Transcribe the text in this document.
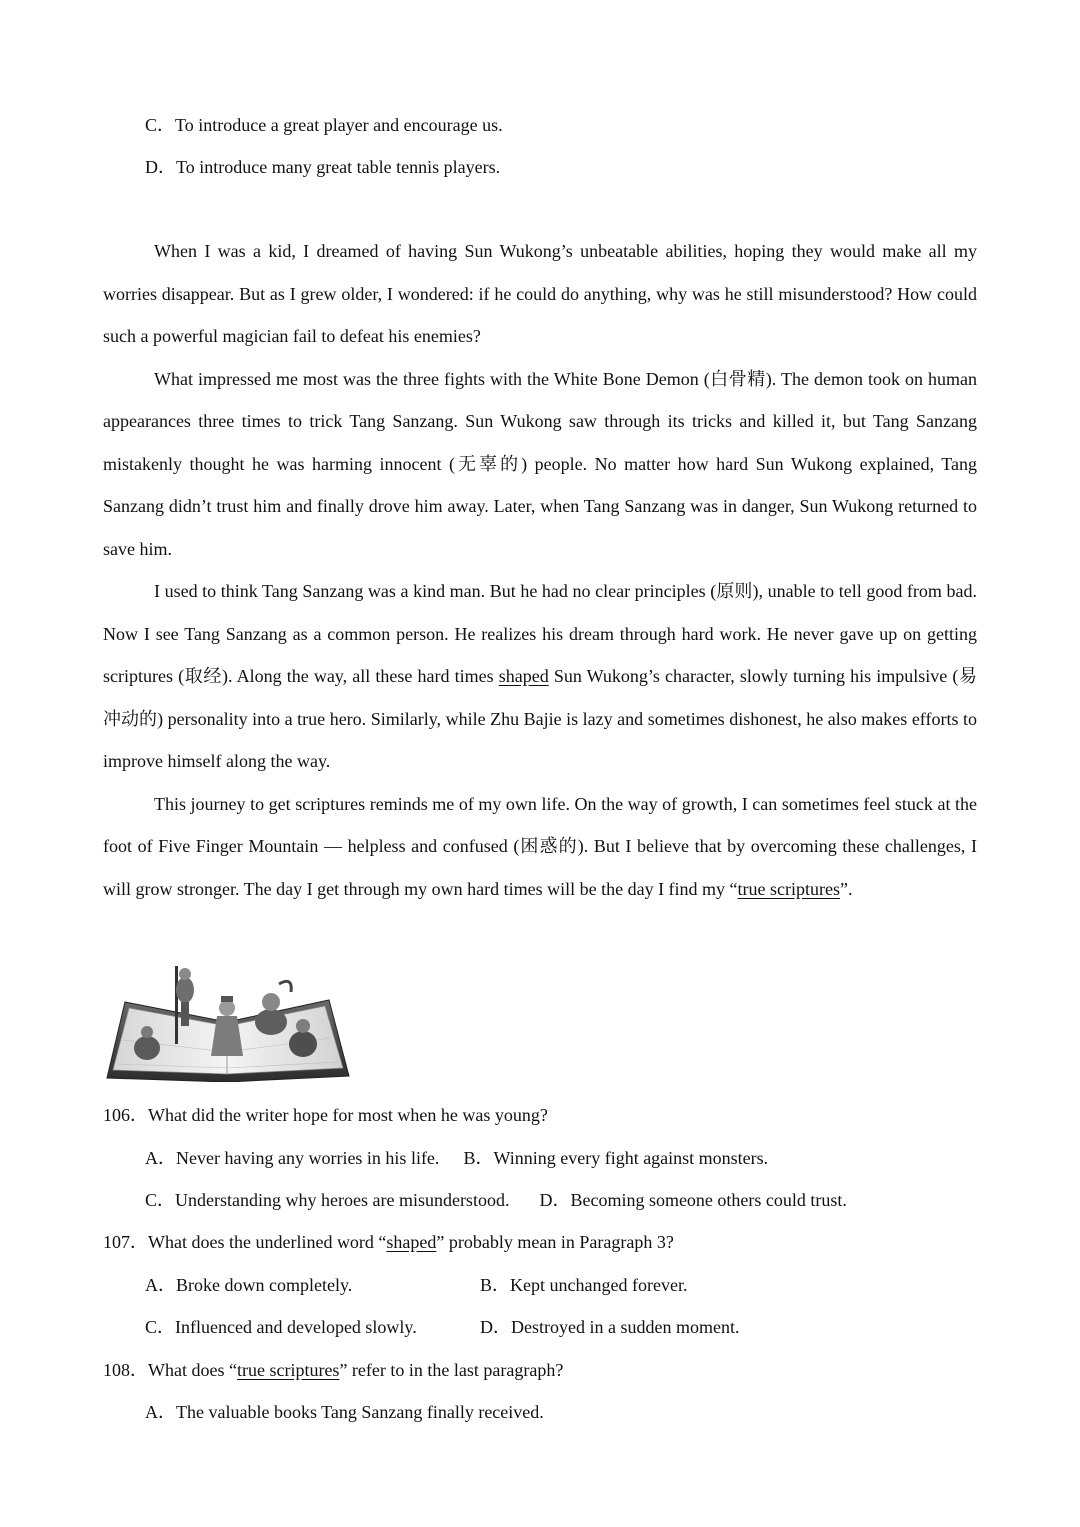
C．To introduce a great player and encourage us.
D．To introduce many great table tennis players.

When I was a kid, I dreamed of having Sun Wukong’s unbeatable abilities, hoping they would make all my worries disappear. But as I grew older, I wondered: if he could do anything, why was he still misunderstood? How could such a powerful magician fail to defeat his enemies?

What impressed me most was the three fights with the White Bone Demon (白骨精). The demon took on human appearances three times to trick Tang Sanzang. Sun Wukong saw through its tricks and killed it, but Tang Sanzang mistakenly thought he was harming innocent (无辜的) people. No matter how hard Sun Wukong explained, Tang Sanzang didn’t trust him and finally drove him away. Later, when Tang Sanzang was in danger, Sun Wukong returned to save him.

I used to think Tang Sanzang was a kind man. But he had no clear principles (原则), unable to tell good from bad. Now I see Tang Sanzang as a common person. He realizes his dream through hard work. He never gave up on getting scriptures (取经). Along the way, all these hard times shaped Sun Wukong’s character, slowly turning his impulsive (易冲动的) personality into a true hero. Similarly, while Zhu Bajie is lazy and sometimes dishonest, he also makes efforts to improve himself along the way.

This journey to get scriptures reminds me of my own life. On the way of growth, I can sometimes feel stuck at the foot of Five Finger Mountain — helpless and confused (困惑的). But I believe that by overcoming these challenges, I will grow stronger. The day I get through my own hard times will be the day I find my “true scriptures”.

106．What did the writer hope for most when he was young?
A．Never having any worries in his life. B．Winning every fight against monsters.
C．Understanding why heroes are misunderstood. D．Becoming someone others could trust.
107．What does the underlined word “shaped” probably mean in Paragraph 3?
A．Broke down completely.	B．Kept unchanged forever.
C．Influenced and developed slowly.	D．Destroyed in a sudden moment.
108．What does “true scriptures” refer to in the last paragraph?
A．The valuable books Tang Sanzang finally received.
